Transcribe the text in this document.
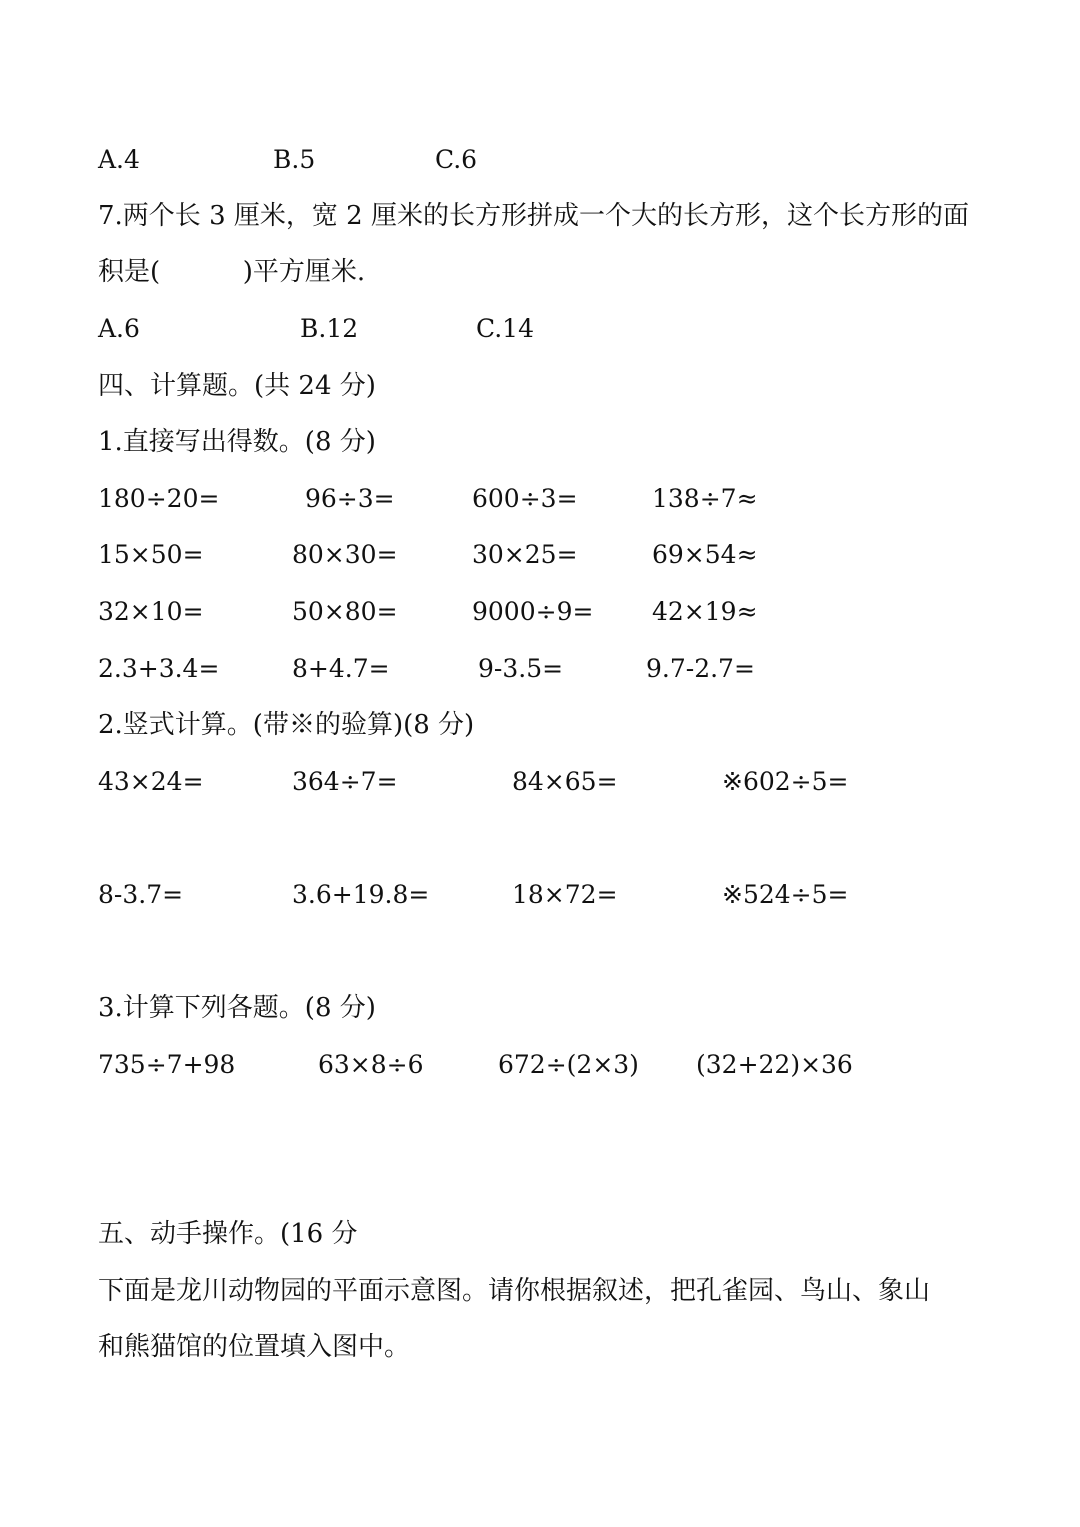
A.4	B.5	C.6
7.两个长 3 厘米，宽 2 厘米的长方形拼成一个大的长方形，这个长方形的面
积是(          )平方厘米.
A.6	B.12	C.14
四、计算题。(共 24 分)
1.直接写出得数。(8 分)
180÷20=	96÷3=	600÷3=	138÷7≈
15×50=	80×30=	30×25=	69×54≈
32×10=	50×80=	9000÷9= 42×19≈
2.3+3.4=	8+4.7=	9-3.5=	9.7-2.7=
2.竖式计算。(带※的验算)(8 分)
43×24=	364÷7=	84×65=	※602÷5=
8-3.7=	3.6+19.8=	18×72=	※524÷5=
3.计算下列各题。(8 分)
735÷7+98	63×8÷6	672÷(2×3) (32+22)×36
五、动手操作。(16 分
下面是龙川动物园的平面示意图。请你根据叙述，把孔雀园、鸟山、象山
和熊猫馆的位置填入图中。
